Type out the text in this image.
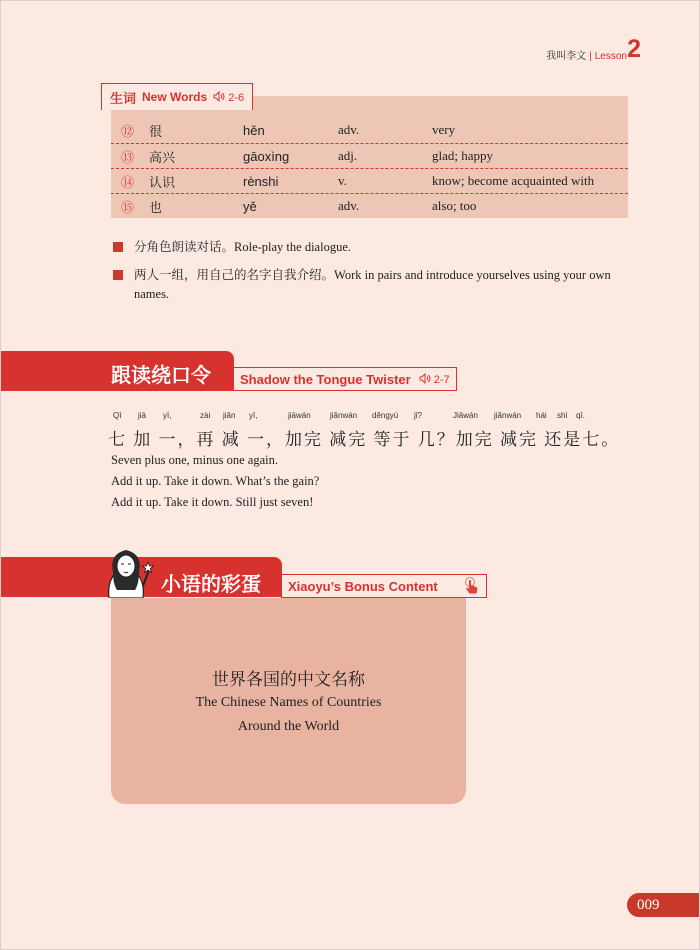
我叫李文 | Lesson 2
⑫ 很	hěn	adv.	very
⑬ 高兴	gāoxìng	adj.	glad; happy
⑭ 认识	rènshi	v.	know; become acquainted with
⑮ 也	yě	adv.	also; too
生词 New Words	2-6
分角色朗读对话。Role-play the dialogue.
两人一组，用自己的名字自我介绍。Work in pairs and introduce yourselves using your own names.
跟读绕口令 Shadow the Tongue Twister	2-7
Qī jiā yī,	zài jiǎn yī,	jiāwán jiǎnwán děngyú jǐ?	Jiāwán jiǎnwán hái shì qī.
七 加 一，再 减 一，加完 减完 等于 几？加完 减完 还是七。
Seven plus one, minus one again.
Add it up. Take it down. What’s the gain?
Add it up. Take it down. Still just seven!
小语的彩蛋 Xiaoyu’s Bonus Content
世界各国的中文名称
The Chinese Names of Countries
Around the World
009
